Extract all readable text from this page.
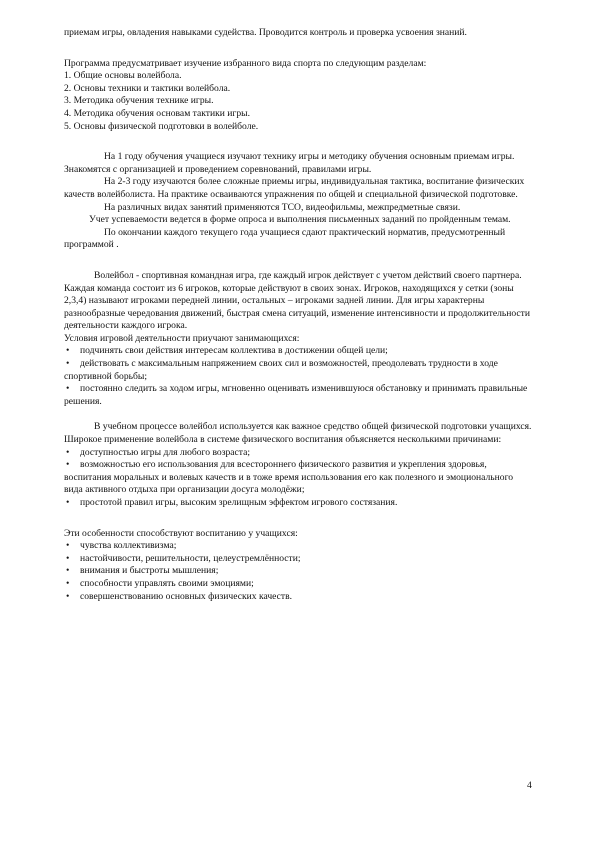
приемам игры, овладения навыками судейства. Проводится контроль и проверка усвоения знаний.

Программа предусматривает изучение избранного вида спорта по следующим разделам:

1. Общие основы волейбола.

2. Основы техники и тактики волейбола.

3. Методика обучения технике игры.

4. Методика обучения основам тактики игры.

5. Основы физической подготовки в волейболе.

На 1 году обучения учащиеся изучают технику игры и методику обучения основным приемам игры. Знакомятся с организацией и проведением соревнований, правилами игры.

На 2-3 году изучаются более сложные приемы игры, индивидуальная тактика, воспитание физических качеств волейболиста. На практике осваиваются упражнения по общей и специальной физической подготовке.

На различных видах занятий применяются ТСО, видеофильмы, межпредметные связи.

Учет успеваемости ведется в форме опроса и выполнения письменных заданий по пройденным темам.

По окончании каждого текущего года учащиеся сдают практический норматив, предусмотренный программой .

Волейбол - спортивная командная игра, где каждый игрок действует с учетом действий своего партнера.

Каждая команда состоит из 6 игроков, которые действуют в своих зонах. Игроков, находящихся у сетки (зоны 2,3,4) называют игроками передней линии, остальных – игроками задней линии. Для игры характерны разнообразные чередования движений, быстрая смена ситуаций, изменение интенсивности и продолжительности деятельности каждого игрока.

Условия игровой деятельности приучают занимающихся:

•	подчинять свои действия интересам коллектива в достижении общей цели;
•	действовать с максимальным напряжением своих сил и возможностей, преодолевать трудности в ходе спортивной борьбы;
•	постоянно следить за ходом игры, мгновенно оценивать изменившуюся обстановку и принимать правильные решения.

В учебном процессе волейбол используется как важное средство общей физической подготовки учащихся. Широкое применение волейбола в системе физического воспитания объясняется несколькими причинами:

•	доступностью игры для любого возраста;
•	возможностью его использования для всестороннего физического развития и укрепления здоровья, воспитания моральных и волевых качеств и в тоже время использования его как полезного и эмоционального вида активного отдыха при организации досуга молодёжи;
•	простотой правил игры, высоким зрелищным эффектом игрового состязания.

Эти особенности способствуют воспитанию у учащихся:

•	чувства коллективизма;
•	настойчивости, решительности, целеустремлённости;
•	внимания и быстроты мышления;
•	способности управлять своими эмоциями;
•	совершенствованию основных физических качеств.
4
